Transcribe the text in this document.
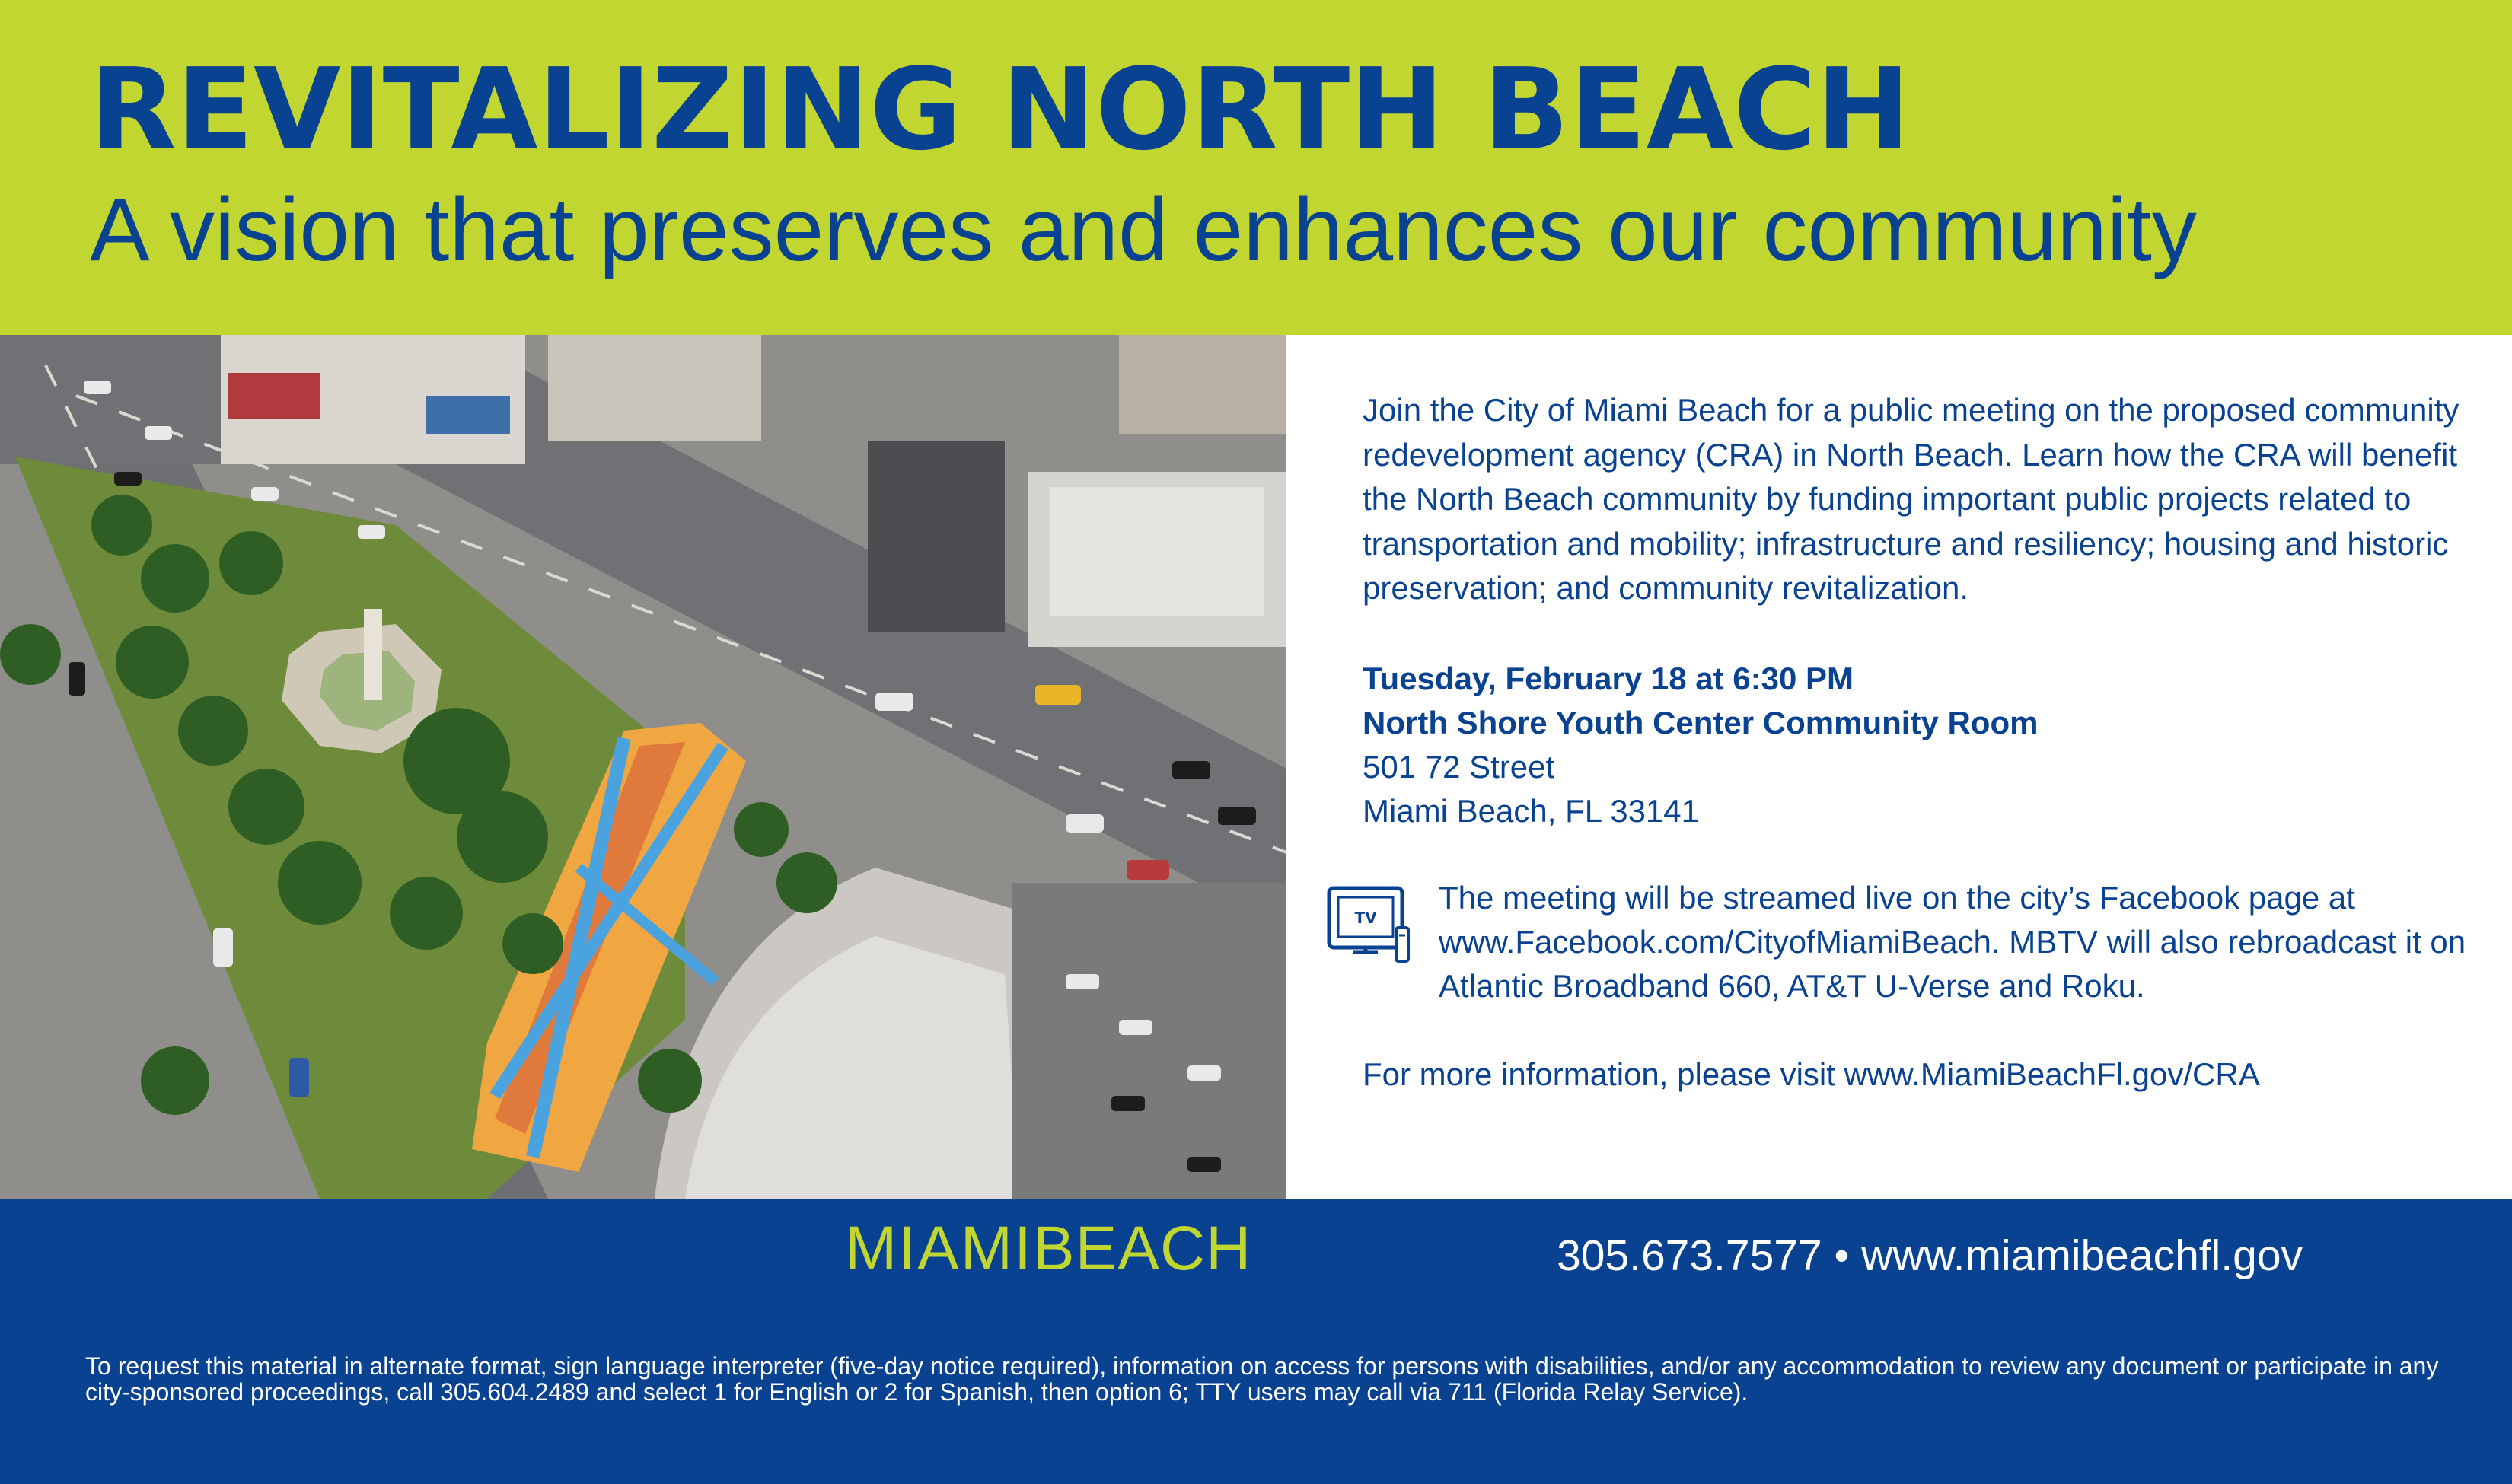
REVITALIZING NORTH BEACH
A vision that preserves and enhances our community

Join the City of Miami Beach for a public meeting on the proposed community redevelopment agency (CRA) in North Beach. Learn how the CRA will benefit the North Beach community by funding important public projects related to transportation and mobility; infrastructure and resiliency; housing and historic preservation; and community revitalization.

Tuesday, February 18 at 6:30 PM
North Shore Youth Center Community Room
501 72 Street
Miami Beach, FL 33141
TV
The meeting will be streamed live on the city’s Facebook page at www.Facebook.com/CityofMiamiBeach. MBTV will also rebroadcast it on Atlantic Broadband 660, AT&T U-Verse and Roku.
For more information, please visit www.MiamiBeachFl.gov/CRA
MIAMIBEACH	305.673.7577 • www.miamibeachfl.gov
To request this material in alternate format, sign language interpreter (five-day notice required), information on access for persons with disabilities, and/or any accommodation to review any document or participate in any city-sponsored proceedings, call 305.604.2489 and select 1 for English or 2 for Spanish, then option 6; TTY users may call via 711 (Florida Relay Service).
